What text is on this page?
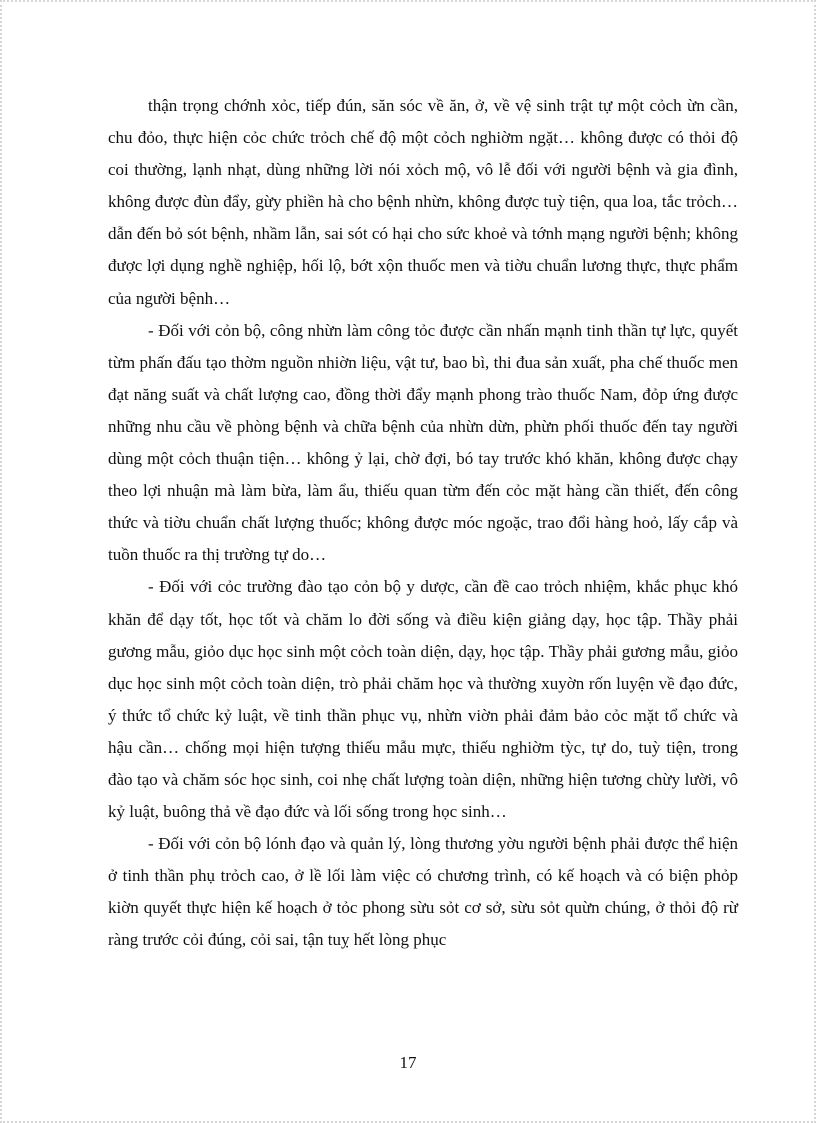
thận trọng chớnh xỏc, tiếp đún, săn sóc về ăn, ở, về vệ sinh trật tự một cỏch ừn cần, chu đỏo, thực hiện cỏc chức trỏch chế độ một cỏch nghiờm ngặt… không được có thỏi độ coi thường, lạnh nhạt, dùng những lời nói xỏch mộ, vô lễ đối với người bệnh và gia đình, không được đùn đẩy, gừy phiền hà cho bệnh nhừn, không được tuỳ tiện, qua loa, tắc trỏch… dẫn đến bỏ sót bệnh, nhầm lẫn, sai sót có hại cho sức khoẻ và tớnh mạng người bệnh; không được lợi dụng nghề nghiệp, hối lộ, bớt xộn thuốc men và tiờu chuẩn lương thực, thực phẩm của người bệnh…

- Đối với cỏn bộ, công nhừn làm công tỏc được cần nhấn mạnh tinh thần tự lực, quyết từm phấn đấu tạo thờm nguồn nhiờn liệu, vật tư, bao bì, thi đua sản xuất, pha chế thuốc men đạt năng suất và chất lượng cao, đồng thời đẩy mạnh phong trào thuốc Nam, đỏp ứng được những nhu cầu về phòng bệnh và chữa bệnh của nhừn dừn, phừn phối thuốc đến tay người dùng một cỏch thuận tiện… không ỷ lại, chờ đợi, bó tay trước khó khăn, không được chạy theo lợi nhuận mà làm bừa, làm ẩu, thiếu quan từm đến cỏc mặt hàng cần thiết, đến công thức và tiờu chuẩn chất lượng thuốc; không được móc ngoặc, trao đổi hàng hoỏ, lấy cắp và tuồn thuốc ra thị trường tự do…

- Đối với cỏc trường đào tạo cỏn bộ y dược, cần đề cao trỏch nhiệm, khắc phục khó khăn để dạy tốt, học tốt và chăm lo đời sống và điều kiện giảng dạy, học tập. Thầy phải gương mẫu, giỏo dục học sinh một cỏch toàn diện, dạy, học tập. Thầy phải gương mẫu, giỏo dục học sinh một cỏch toàn diện, trò phải chăm học và thường xuyờn rốn luyện về đạo đức, ý thức tổ chức kỷ luật, về tinh thần phục vụ, nhừn viờn phải đảm bảo cỏc mặt tổ chức và hậu cần… chống mọi hiện tượng thiếu mẫu mực, thiếu nghiờm tỳc, tự do, tuỳ tiện, trong đào tạo và chăm sóc học sinh, coi nhẹ chất lượng toàn diện, những hiện tương chừy lười, vô kỷ luật, buông thả về đạo đức và lối sống trong học sinh…

- Đối với cỏn bộ lónh đạo và quản lý, lòng thương yờu người bệnh phải được thể hiện ở tinh thần phụ trỏch cao, ở lề lối làm việc có chương trình, có kế hoạch và có biện phỏp kiờn quyết thực hiện kế hoạch ở tỏc phong sừu sỏt cơ sở, sừu sỏt quừn chúng, ở thỏi độ rừ ràng trước cỏi đúng, cỏi sai, tận tuỵ hết lòng phục

17
